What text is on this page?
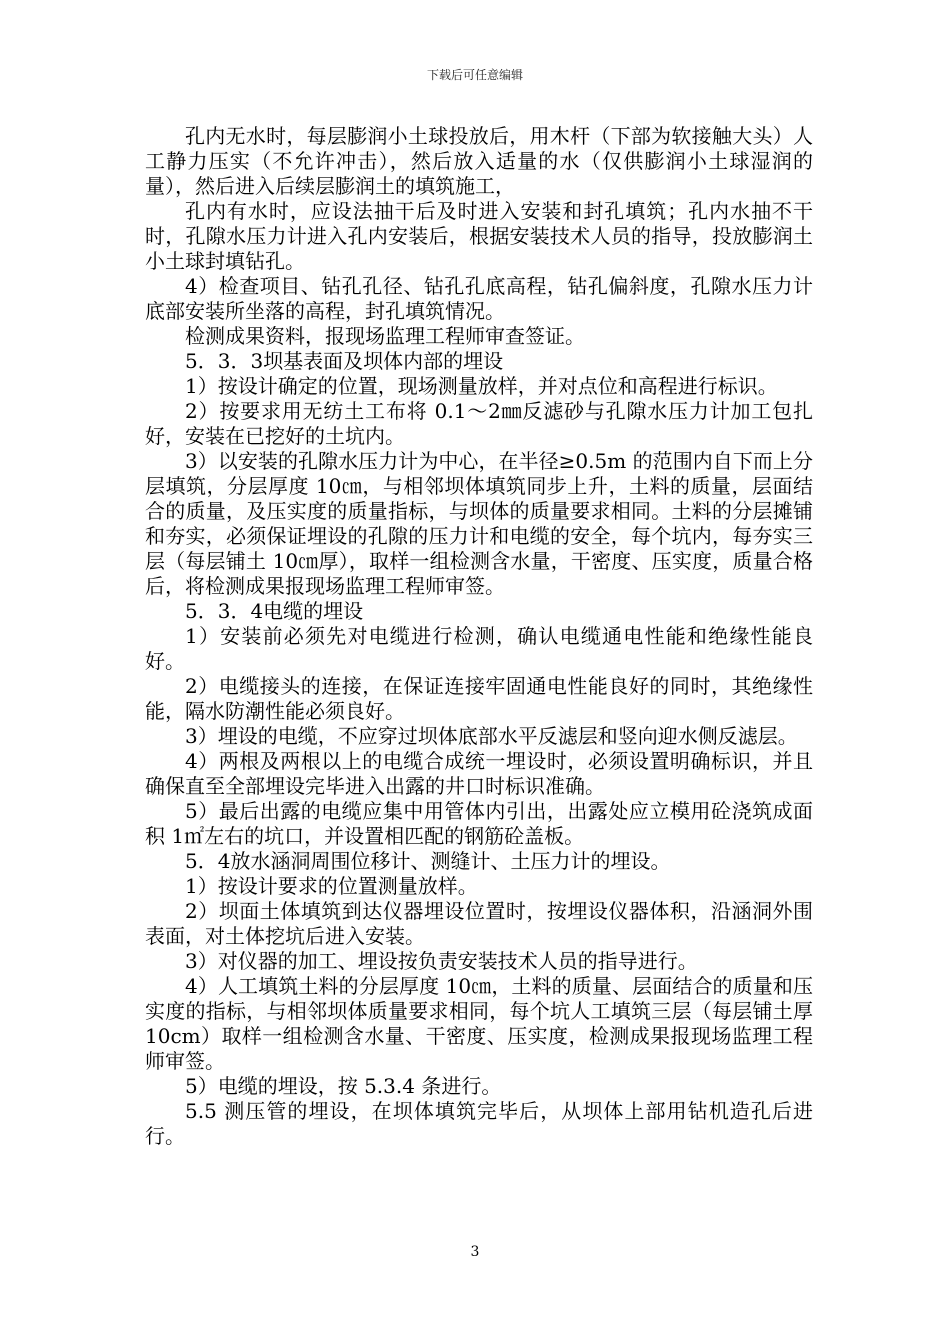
下载后可任意编辑

孔内无水时，每层膨润小土球投放后，用木杆（下部为软接触大头）人工静力压实（不允许冲击），然后放入适量的水（仅供膨润小土球湿润的量），然后进入后续层膨润土的填筑施工，

孔内有水时，应设法抽干后及时进入安装和封孔填筑；孔内水抽不干时，孔隙水压力计进入孔内安装后，根据安装技术人员的指导，投放膨润土小土球封填钻孔。

4）检查项目、钻孔孔径、钻孔孔底高程，钻孔偏斜度，孔隙水压力计底部安装所坐落的高程，封孔填筑情况。

检测成果资料，报现场监理工程师审查签证。

5．3．3坝基表面及坝体内部的埋设

1）按设计确定的位置，现场测量放样，并对点位和高程进行标识。

2）按要求用无纺土工布将 0.1～2㎜反滤砂与孔隙水压力计加工包扎好，安装在已挖好的土坑内。

3）以安装的孔隙水压力计为中心，在半径≥0.5m 的范围内自下而上分层填筑，分层厚度 10㎝，与相邻坝体填筑同步上升，土料的质量，层面结合的质量，及压实度的质量指标，与坝体的质量要求相同。土料的分层摊铺和夯实，必须保证埋设的孔隙的压力计和电缆的安全，每个坑内，每夯实三层（每层铺土 10㎝厚），取样一组检测含水量，干密度、压实度，质量合格后，将检测成果报现场监理工程师审签。

5．3．4电缆的埋设

1）安装前必须先对电缆进行检测，确认电缆通电性能和绝缘性能良好。

2）电缆接头的连接，在保证连接牢固通电性能良好的同时，其绝缘性能，隔水防潮性能必须良好。

3）埋设的电缆，不应穿过坝体底部水平反滤层和竖向迎水侧反滤层。

4）两根及两根以上的电缆合成统一埋设时，必须设置明确标识，并且确保直至全部埋设完毕进入出露的井口时标识准确。

5）最后出露的电缆应集中用管体内引出，出露处应立模用砼浇筑成面积 1㎡左右的坑口，并设置相匹配的钢筋砼盖板。

5．4放水涵洞周围位移计、测缝计、土压力计的埋设。

1）按设计要求的位置测量放样。

2）坝面土体填筑到达仪器埋设位置时，按埋设仪器体积，沿涵洞外围表面，对土体挖坑后进入安装。

3）对仪器的加工、埋设按负责安装技术人员的指导进行。

4）人工填筑土料的分层厚度 10㎝，土料的质量、层面结合的质量和压实度的指标，与相邻坝体质量要求相同，每个坑人工填筑三层（每层铺土厚 10cm）取样一组检测含水量、干密度、压实度，检测成果报现场监理工程师审签。

5）电缆的埋设，按 5.3.4 条进行。

5.5 测压管的埋设，在坝体填筑完毕后，从坝体上部用钻机造孔后进行。

3
